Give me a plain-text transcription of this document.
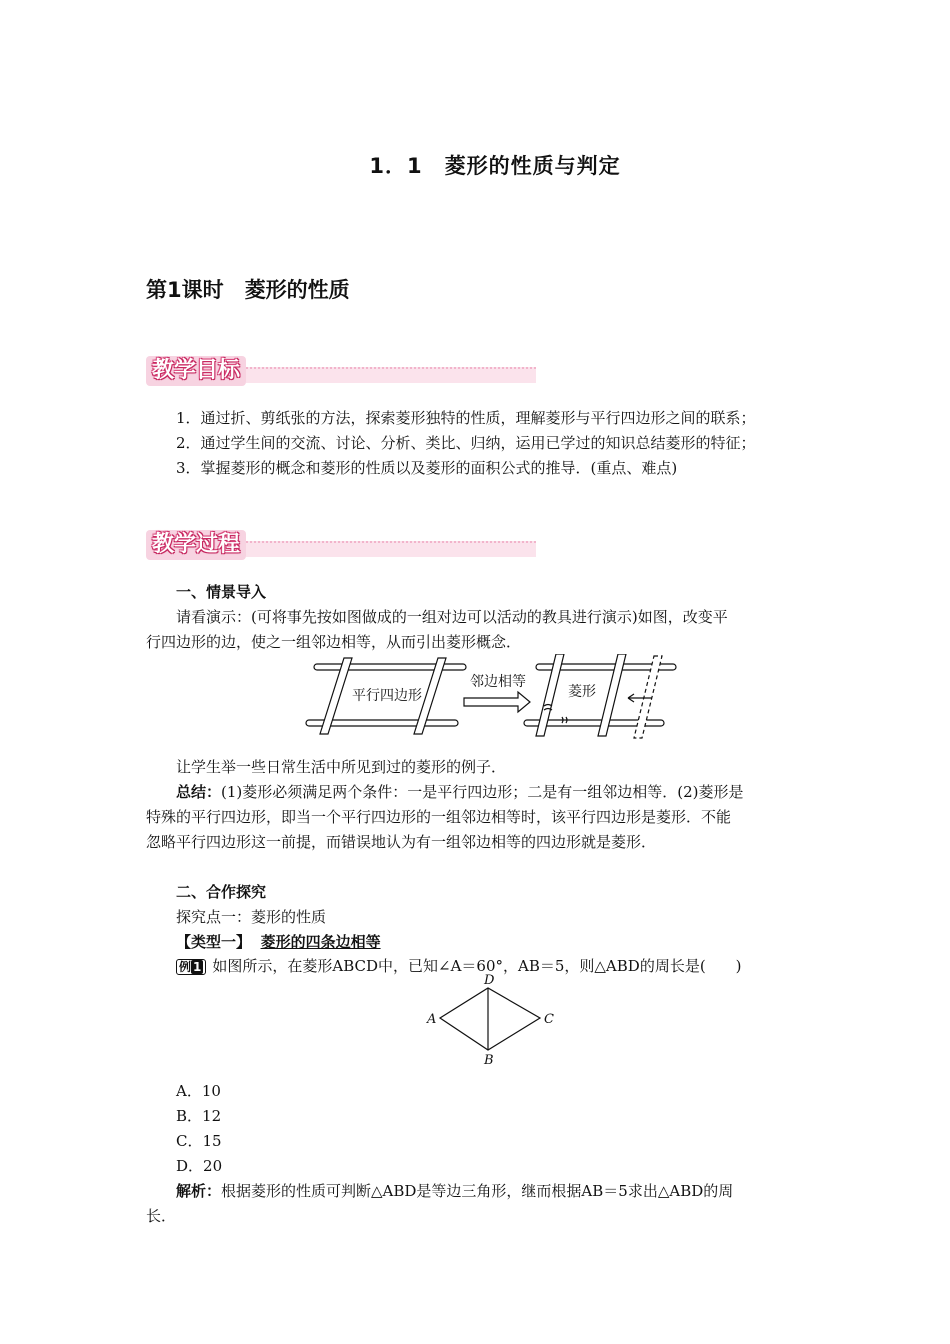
1．1　菱形的性质与判定
第1课时　菱形的性质
教学目标
1．通过折、剪纸张的方法，探索菱形独特的性质，理解菱形与平行四边形之间的联系；
2．通过学生间的交流、讨论、分析、类比、归纳，运用已学过的知识总结菱形的特征；
3．掌握菱形的概念和菱形的性质以及菱形的面积公式的推导．(重点、难点)
教学过程
一、情景导入
请看演示：(可将事先按如图做成的一组对边可以活动的教具进行演示)如图，改变平
行四边形的边，使之一组邻边相等，从而引出菱形概念．
平行四边形
邻边相等
菱形
让学生举一些日常生活中所见到过的菱形的例子．
总结：(1)菱形必须满足两个条件：一是平行四边形；二是有一组邻边相等．(2)菱形是
特殊的平行四边形，即当一个平行四边形的一组邻边相等时，该平行四边形是菱形．不能
忽略平行四边形这一前提，而错误地认为有一组邻边相等的四边形就是菱形．
二、合作探究
探究点一：菱形的性质
【类型一】 菱形的四条边相等
例 1 如图所示，在菱形ABCD中，已知∠A＝60°，AB＝5，则△ABD的周长是(　　)
D
A	C
B
A．10
B．12
C．15
D．20
解析：根据菱形的性质可判断△ABD是等边三角形，继而根据AB＝5求出△ABD的周
长．
